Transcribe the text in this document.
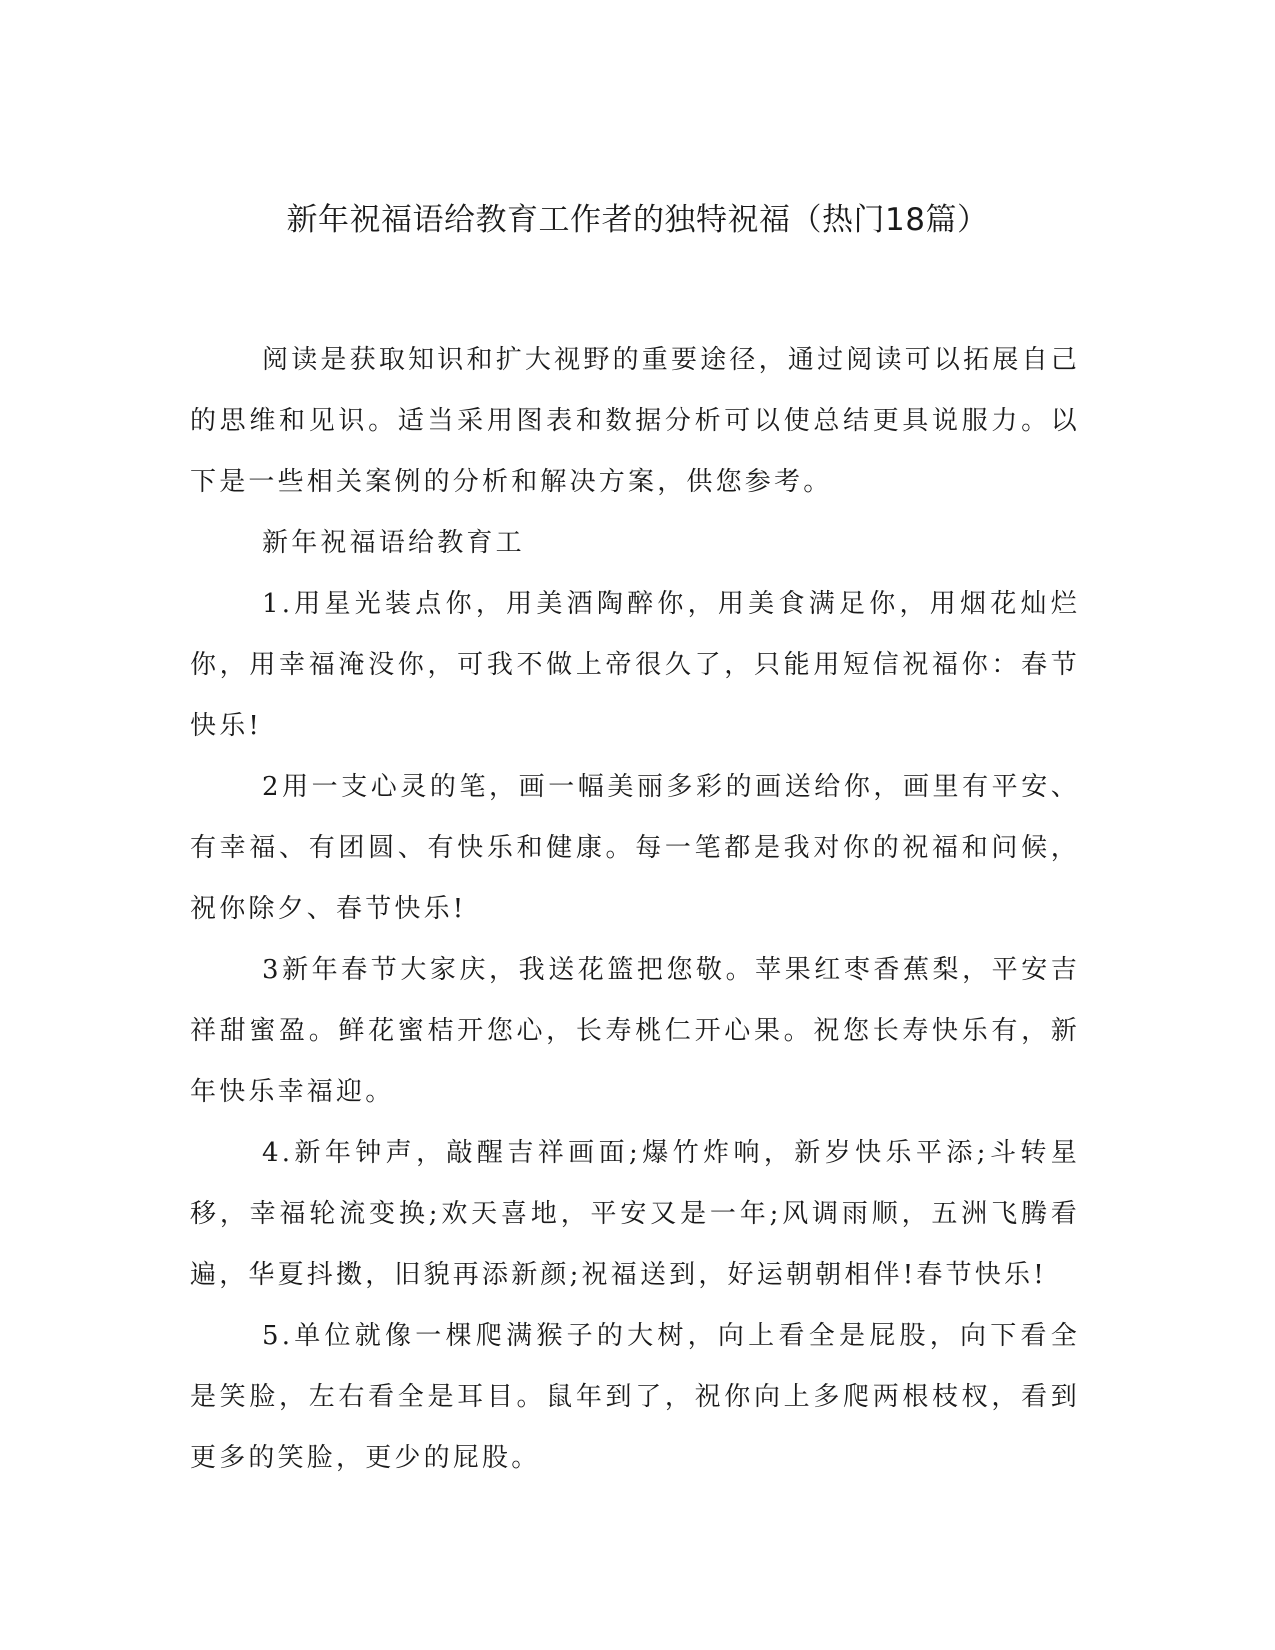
新年祝福语给教育工作者的独特祝福（热门18篇）

阅读是获取知识和扩大视野的重要途径，通过阅读可以拓展自己的思维和见识。适当采用图表和数据分析可以使总结更具说服力。以下是一些相关案例的分析和解决方案，供您参考。

新年祝福语给教育工

1.用星光装点你，用美酒陶醉你，用美食满足你，用烟花灿烂你，用幸福淹没你，可我不做上帝很久了，只能用短信祝福你：春节快乐!

2用一支心灵的笔，画一幅美丽多彩的画送给你，画里有平安、有幸福、有团圆、有快乐和健康。每一笔都是我对你的祝福和问候，祝你除夕、春节快乐!

3新年春节大家庆，我送花篮把您敬。苹果红枣香蕉梨，平安吉祥甜蜜盈。鲜花蜜桔开您心，长寿桃仁开心果。祝您长寿快乐有，新年快乐幸福迎。

4.新年钟声，敲醒吉祥画面;爆竹炸响，新岁快乐平添;斗转星移，幸福轮流变换;欢天喜地，平安又是一年;风调雨顺，五洲飞腾看遍，华夏抖擞，旧貌再添新颜;祝福送到，好运朝朝相伴!春节快乐!

5.单位就像一棵爬满猴子的大树，向上看全是屁股，向下看全是笑脸，左右看全是耳目。鼠年到了，祝你向上多爬两根枝杈，看到更多的笑脸，更少的屁股。
